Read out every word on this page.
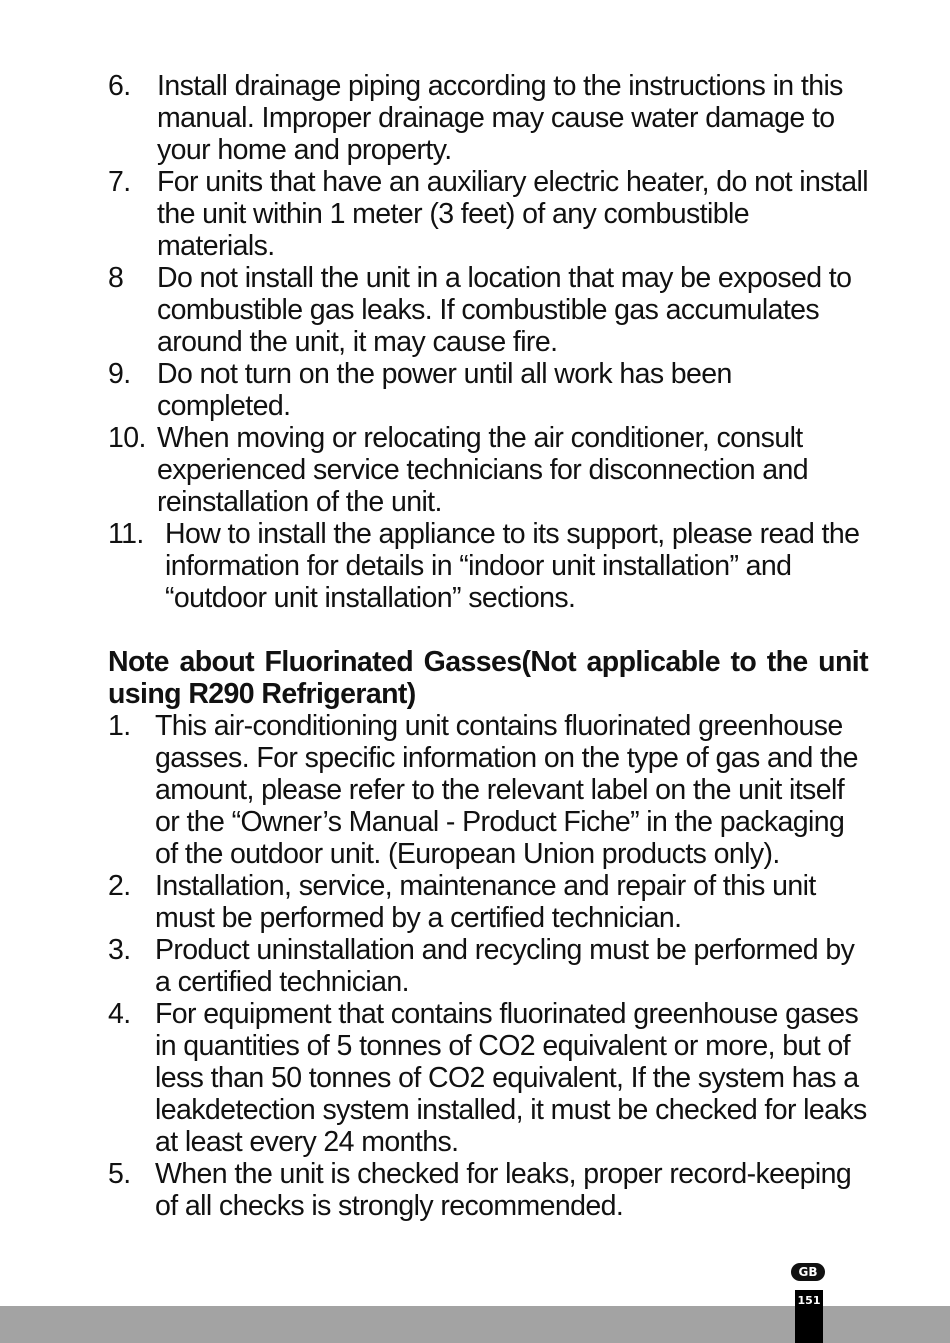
6. Install drainage piping according to the instructions in this manual. Improper drainage may cause water damage to your home and property.
7. For units that have an auxiliary electric heater, do not install the unit within 1 meter (3 feet) of any combustible materials.
8	Do not install the unit in a location that may be exposed to combustible gas leaks. If combustible gas accumulates around the unit, it may cause fire.
9. Do not turn on the power until all work has been completed.
10. When moving or relocating the air conditioner, consult experienced service technicians for disconnection and reinstallation of the unit.
11. How to install the appliance to its support, please read the information for details in “indoor unit installation” and “outdoor unit installation” sections.
Note about Fluorinated Gasses(Not applicable to the unit using R290 Refrigerant)
1. This air-conditioning unit contains fluorinated greenhouse gasses. For specific information on the type of gas and the amount, please refer to the relevant label on the unit itself or the “Owner’s Manual - Product Fiche” in the packaging of the outdoor unit. (European Union products only).
2. Installation, service, maintenance and repair of this unit must be performed by a certified technician.
3. Product uninstallation and recycling must be performed by a certified technician.
4. For equipment that contains fluorinated greenhouse gases in quantities of 5 tonnes of CO2 equivalent or more, but of less than 50 tonnes of CO2 equivalent, If the system has a leakdetection system installed, it must be checked for leaks at least every 24 months.
5. When the unit is checked for leaks, proper record-keeping of all checks is strongly recommended.
GB
151
